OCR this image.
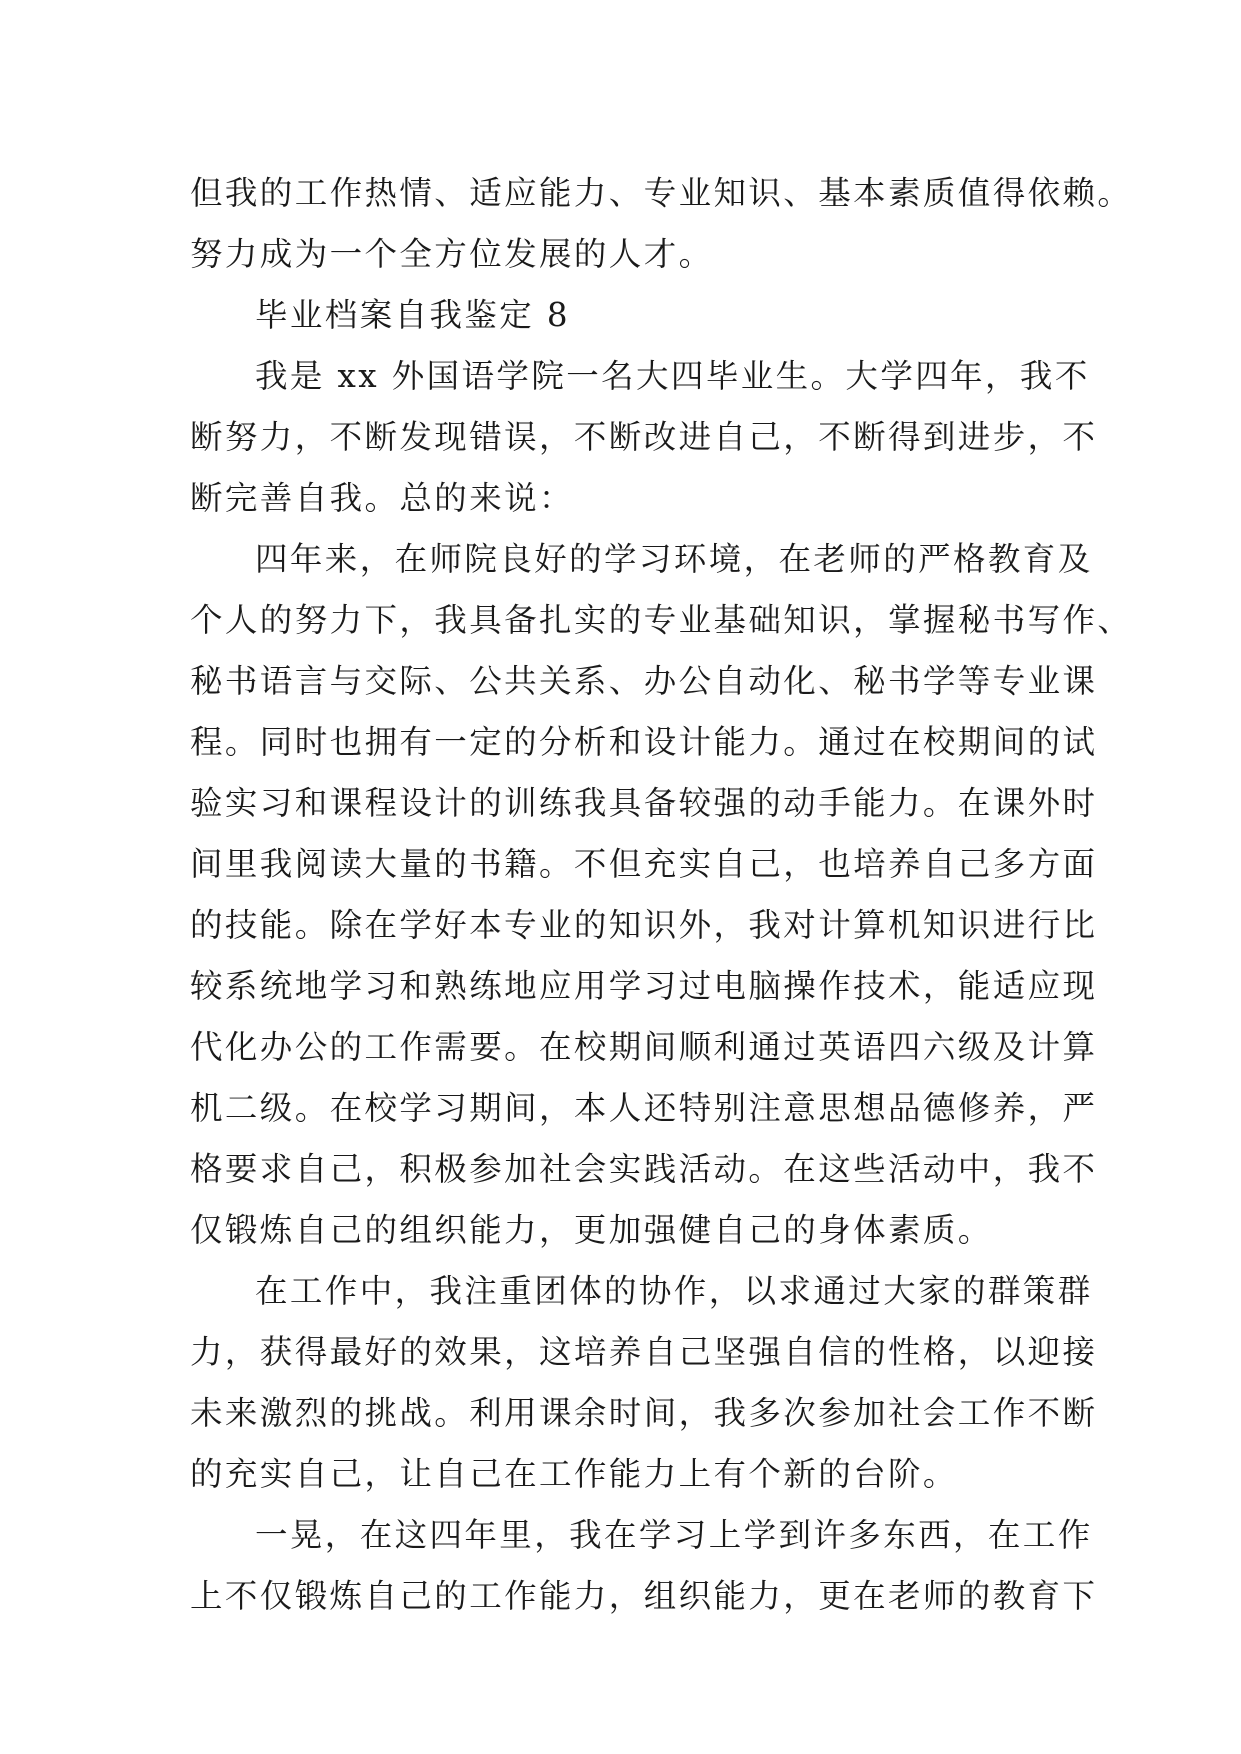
但我的工作热情、适应能力、专业知识、基本素质值得依赖。
努力成为一个全方位发展的人才。
毕业档案自我鉴定 8
我是 xx 外国语学院一名大四毕业生。大学四年，我不
断努力，不断发现错误，不断改进自己，不断得到进步，不
断完善自我。总的来说：
四年来，在师院良好的学习环境，在老师的严格教育及
个人的努力下，我具备扎实的专业基础知识，掌握秘书写作、
秘书语言与交际、公共关系、办公自动化、秘书学等专业课
程。同时也拥有一定的分析和设计能力。通过在校期间的试
验实习和课程设计的训练我具备较强的动手能力。在课外时
间里我阅读大量的书籍。不但充实自己，也培养自己多方面
的技能。除在学好本专业的知识外，我对计算机知识进行比
较系统地学习和熟练地应用学习过电脑操作技术，能适应现
代化办公的工作需要。在校期间顺利通过英语四六级及计算
机二级。在校学习期间，本人还特别注意思想品德修养，严
格要求自己，积极参加社会实践活动。在这些活动中，我不
仅锻炼自己的组织能力，更加强健自己的身体素质。
在工作中，我注重团体的协作，以求通过大家的群策群
力，获得最好的效果，这培养自己坚强自信的性格，以迎接
未来激烈的挑战。利用课余时间，我多次参加社会工作不断
的充实自己，让自己在工作能力上有个新的台阶。
一晃，在这四年里，我在学习上学到许多东西，在工作
上不仅锻炼自己的工作能力，组织能力，更在老师的教育下
